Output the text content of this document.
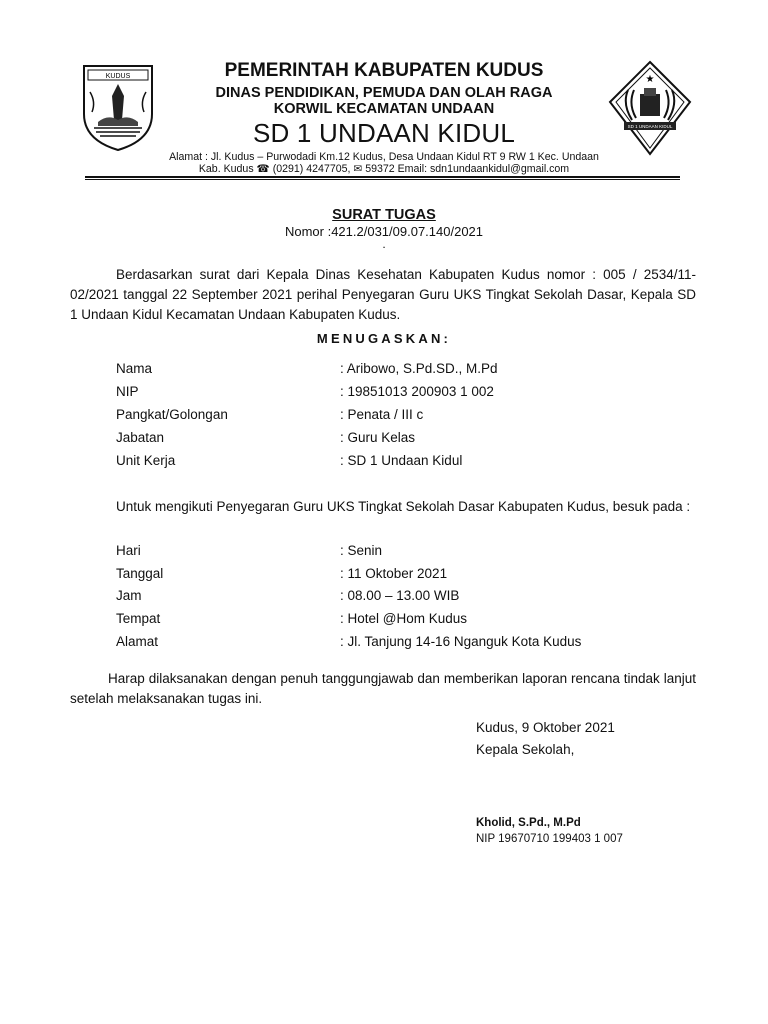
KUDUS	★
SD 1 UNDAAN KIDUL
PEMERINTAH KABUPATEN KUDUS
DINAS PENDIDIKAN, PEMUDA DAN OLAH RAGA
KORWIL KECAMATAN UNDAAN
SD 1 UNDAAN KIDUL
Alamat : Jl. Kudus – Purwodadi Km.12 Kudus, Desa Undaan Kidul RT 9 RW 1 Kec. Undaan
Kab. Kudus ☎ (0291) 4247705, ✉ 59372 Email: sdn1undaankidul@gmail.com
SURAT TUGAS
Nomor :421.2/031/09.07.140/2021
.
Berdasarkan surat dari Kepala Dinas Kesehatan Kabupaten Kudus nomor : 005 / 2534/11-02/2021 tanggal 22 September 2021 perihal Penyegaran Guru UKS Tingkat Sekolah Dasar, Kepala SD 1 Undaan Kidul Kecamatan Undaan Kabupaten Kudus.
MENUGASKAN:
Nama	: Aribowo, S.Pd.SD., M.Pd
NIP	: 19851013 200903 1 002
Pangkat/Golongan	: Penata / III c
Jabatan	: Guru Kelas
Unit Kerja	: SD 1 Undaan Kidul
Untuk mengikuti Penyegaran Guru UKS Tingkat Sekolah Dasar Kabupaten Kudus, besuk pada :
Hari	: Senin
Tanggal	: 11 Oktober 2021
Jam	: 08.00 – 13.00 WIB
Tempat	: Hotel @Hom Kudus
Alamat	: Jl. Tanjung 14-16 Nganguk Kota Kudus
Harap dilaksanakan dengan penuh tanggungjawab dan memberikan laporan rencana tindak lanjut setelah melaksanakan tugas ini.
Kudus, 9 Oktober 2021
Kepala Sekolah,
Kholid, S.Pd., M.Pd
NIP 19670710 199403 1 007
